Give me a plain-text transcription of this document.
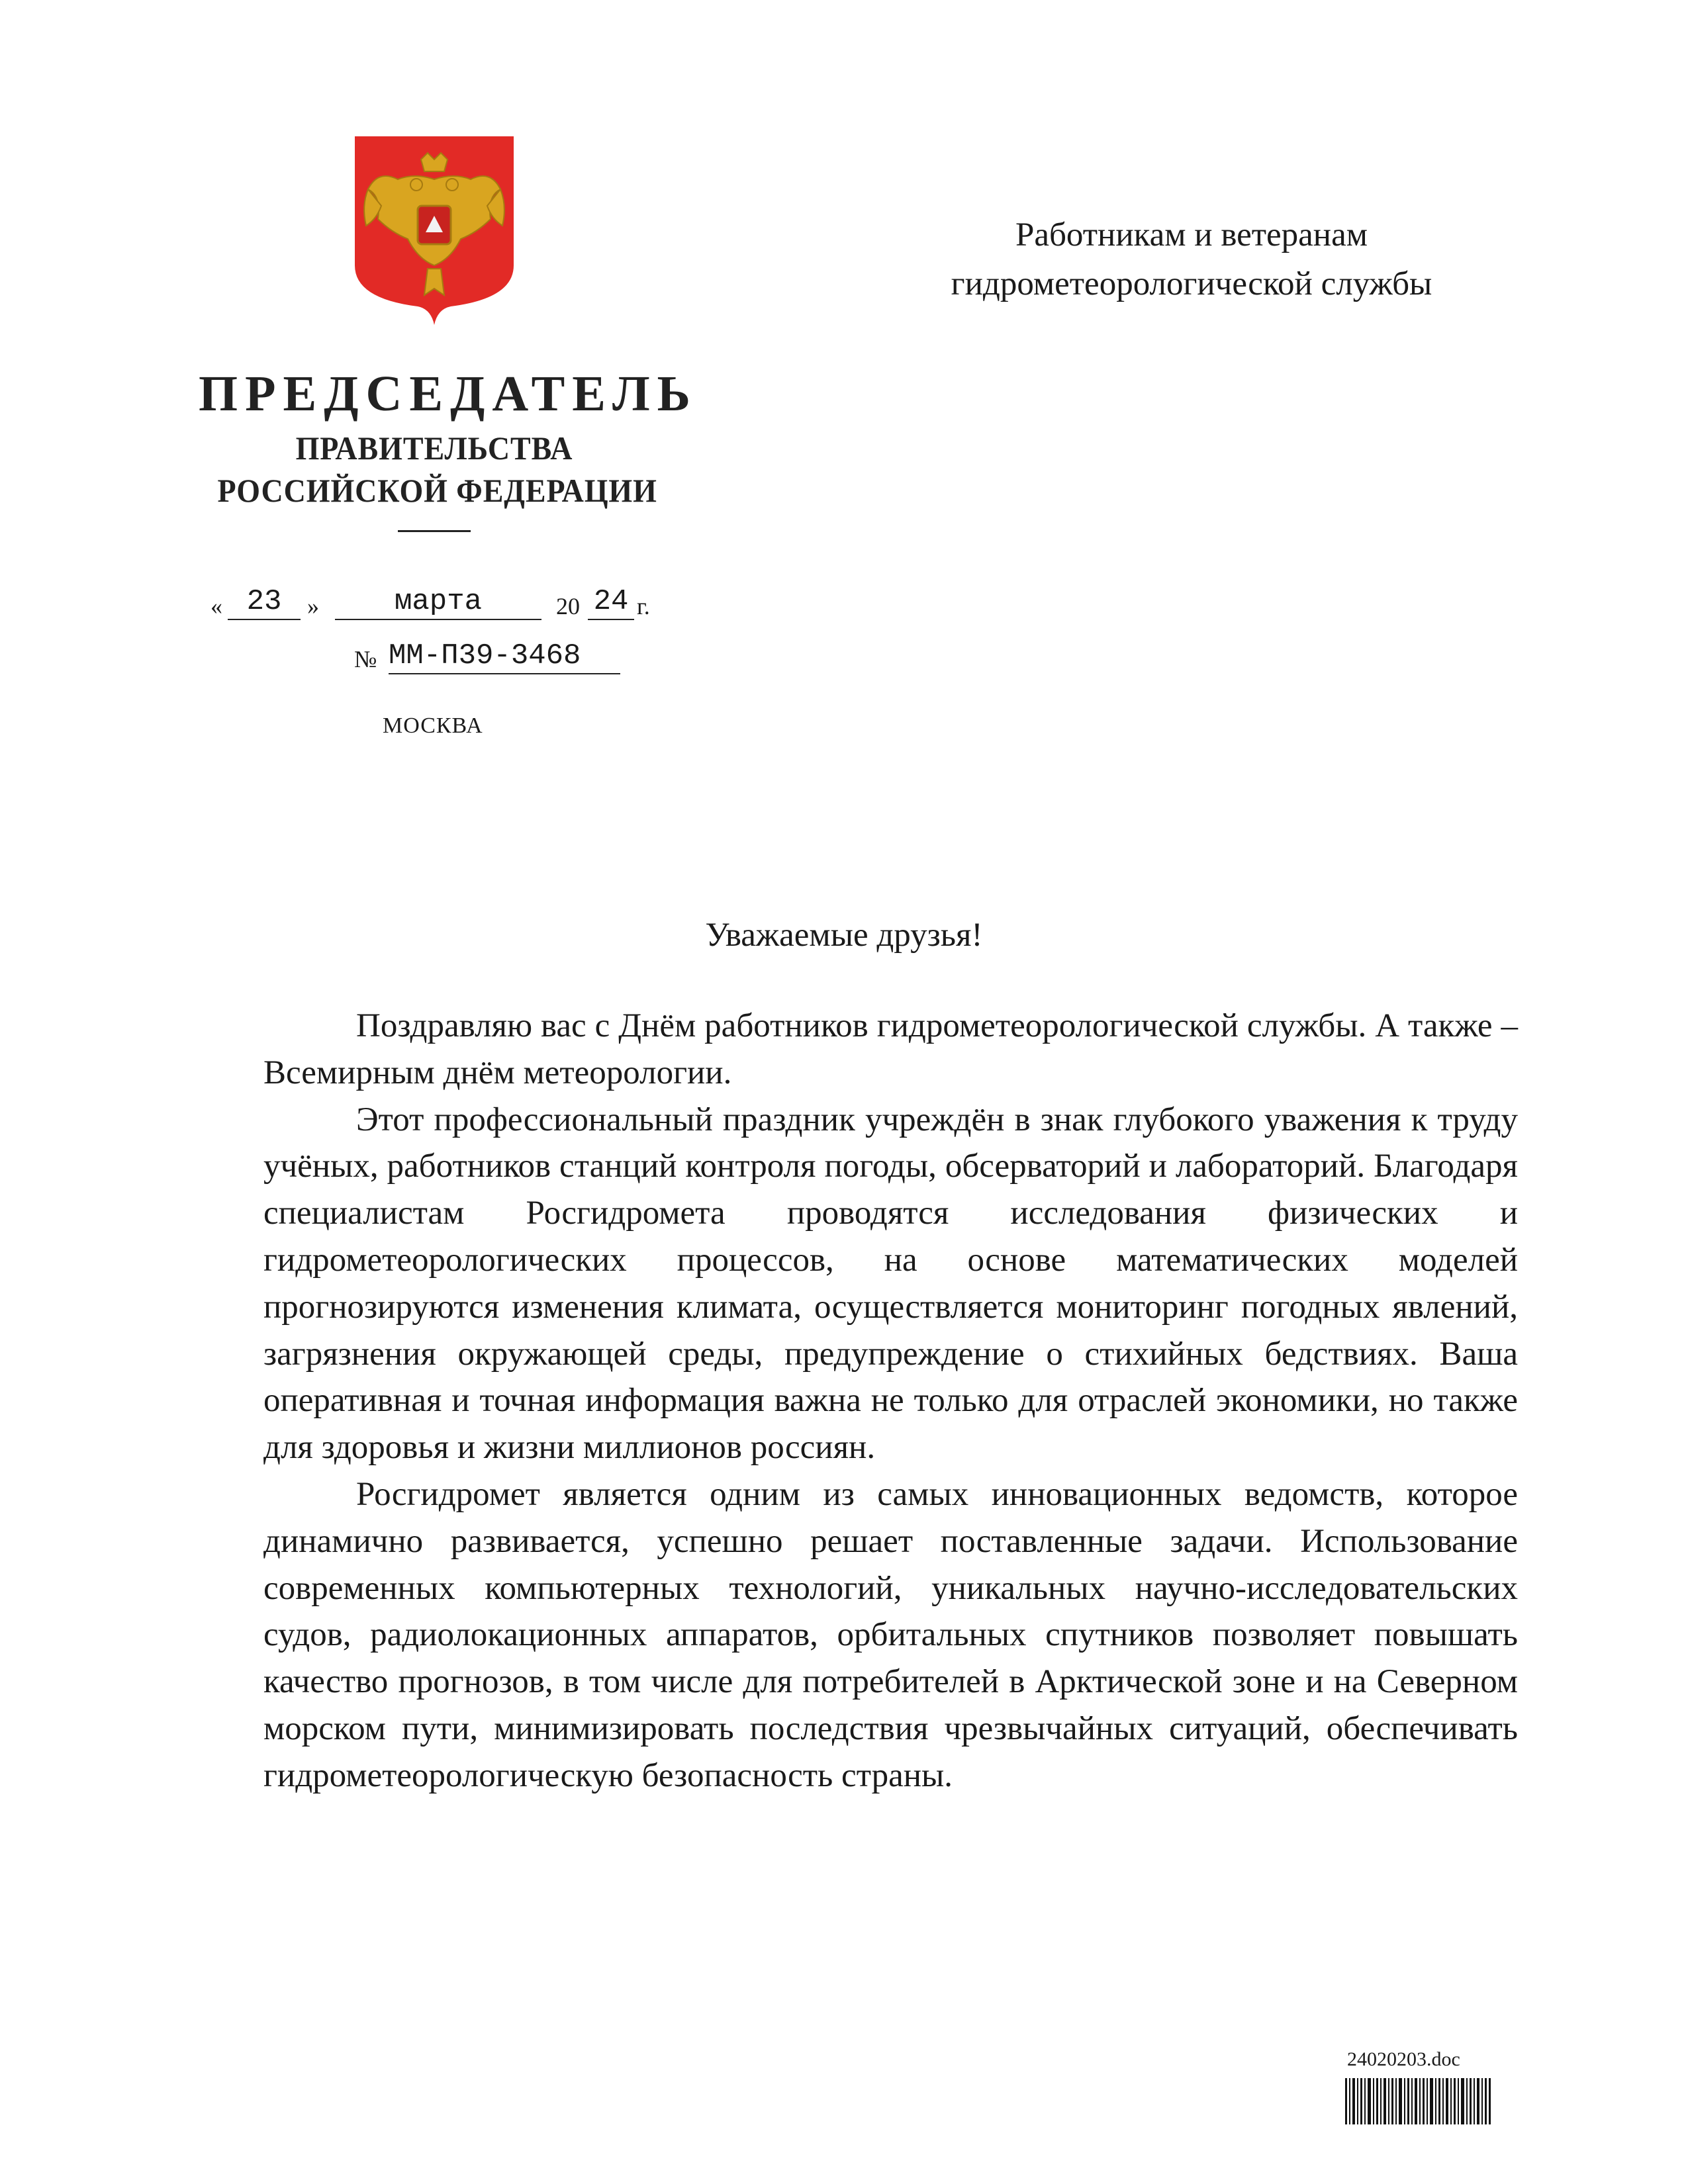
Работникам и ветеранам
гидрометеорологической службы
ПРЕДСЕДАТЕЛЬ
ПРАВИТЕЛЬСТВА
РОССИЙСКОЙ ФЕДЕРАЦИИ
« 23	»	марта	20 24 г.
№ ММ-П39-3468
МОСКВА
Уважаемые друзья!

Поздравляю вас с Днём работников гидрометеорологической службы. А также – Всемирным днём метеорологии.

Этот профессиональный праздник учреждён в знак глубокого уважения к труду учёных, работников станций контроля погоды, обсерваторий и лабораторий. Благодаря специалистам Росгидромета проводятся исследования физических и гидрометеорологических процессов, на основе математических моделей прогнозируются изменения климата, осуществляется мониторинг погодных явлений, загрязнения окружающей среды, предупреждение о стихийных бедствиях. Ваша оперативная и точная информация важна не только для отраслей экономики, но также для здоровья и жизни миллионов россиян.

Росгидромет является одним из самых инновационных ведомств, которое динамично развивается, успешно решает поставленные задачи. Использование современных компьютерных технологий, уникальных научно-исследовательских судов, радиолокационных аппаратов, орбитальных спутников позволяет повышать качество прогнозов, в том числе для потребителей в Арктической зоне и на Северном морском пути, минимизировать последствия чрезвычайных ситуаций, обеспечивать гидрометеорологическую безопасность страны.

24020203.doc
